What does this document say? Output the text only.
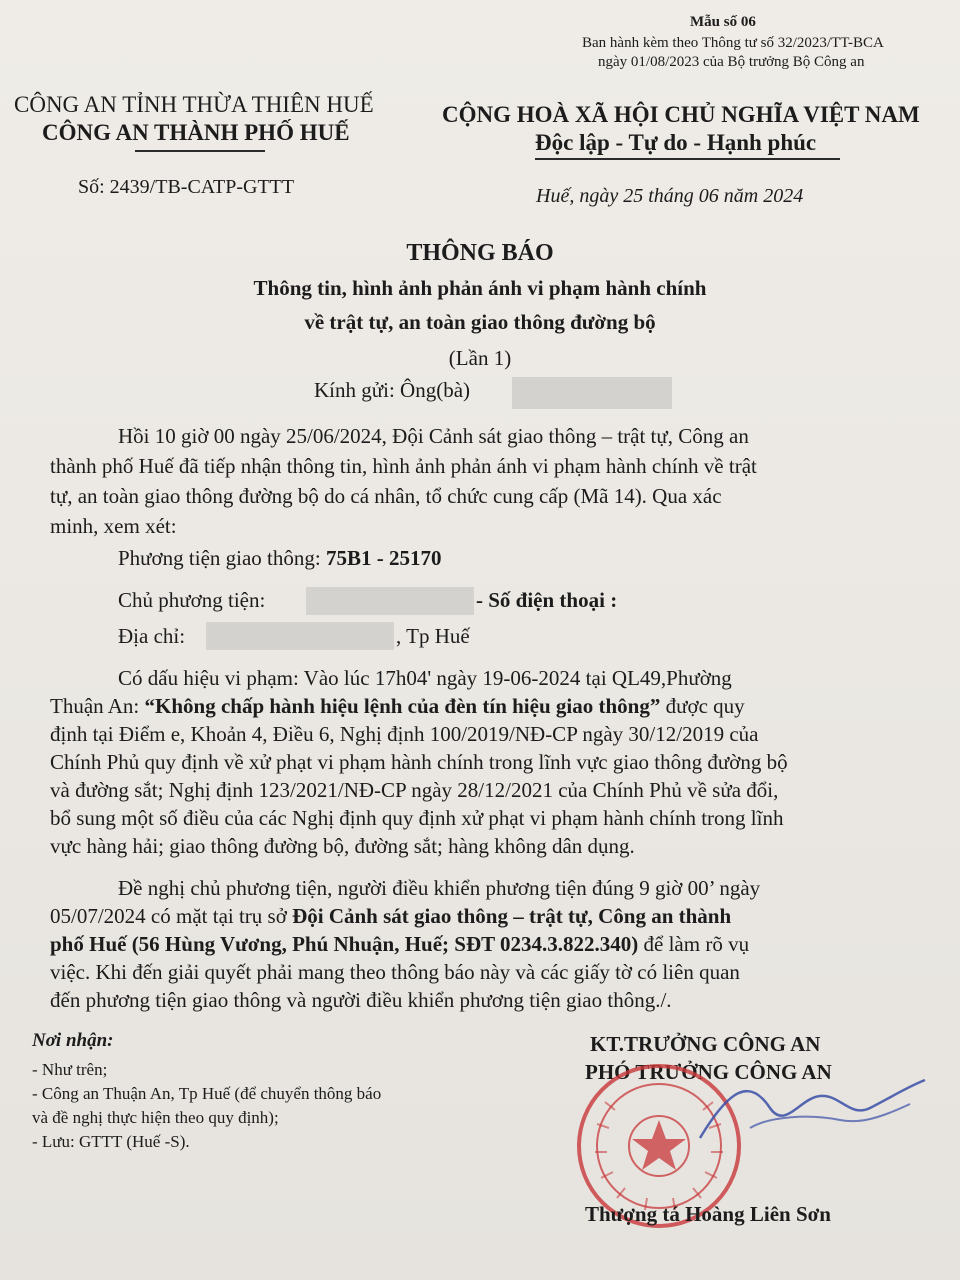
Mẫu số 06
Ban hành kèm theo Thông tư số 32/2023/TT-BCA
ngày 01/08/2023 của Bộ trưởng Bộ Công an
CÔNG AN TỈNH THỪA THIÊN HUẾ
CÔNG AN THÀNH PHỐ HUẾ
CỘNG HOÀ XÃ HỘI CHỦ NGHĨA VIỆT NAM
Độc lập - Tự do - Hạnh phúc
Số: 2439/TB-CATP-GTTT	Huế, ngày 25 tháng 06 năm 2024
THÔNG BÁO
Thông tin, hình ảnh phản ánh vi phạm hành chính
về trật tự, an toàn giao thông đường bộ
(Lần 1)
Kính gửi: Ông(bà)
Hồi 10 giờ 00 ngày 25/06/2024, Đội Cảnh sát giao thông – trật tự, Công an
thành phố Huế đã tiếp nhận thông tin, hình ảnh phản ánh vi phạm hành chính về trật
tự, an toàn giao thông đường bộ do cá nhân, tổ chức cung cấp (Mã 14). Qua xác
minh, xem xét:
Phương tiện giao thông: 75B1 - 25170
Chủ phương tiện:	- Số điện thoại :
Địa chỉ:	, Tp Huế
Có dấu hiệu vi phạm: Vào lúc 17h04' ngày 19-06-2024 tại QL49,Phường
Thuận An: “Không chấp hành hiệu lệnh của đèn tín hiệu giao thông” được quy
định tại Điểm e, Khoản 4, Điều 6, Nghị định 100/2019/NĐ-CP ngày 30/12/2019 của
Chính Phủ quy định về xử phạt vi phạm hành chính trong lĩnh vực giao thông đường bộ
và đường sắt; Nghị định 123/2021/NĐ-CP ngày 28/12/2021 của Chính Phủ về sửa đổi,
bổ sung một số điều của các Nghị định quy định xử phạt vi phạm hành chính trong lĩnh
vực hàng hải; giao thông đường bộ, đường sắt; hàng không dân dụng.
Đề nghị chủ phương tiện, người điều khiển phương tiện đúng 9 giờ 00’ ngày
05/07/2024 có mặt tại trụ sở Đội Cảnh sát giao thông – trật tự, Công an thành
phố Huế (56 Hùng Vương, Phú Nhuận, Huế; SĐT 0234.3.822.340) để làm rõ vụ
việc. Khi đến giải quyết phải mang theo thông báo này và các giấy tờ có liên quan
đến phương tiện giao thông và người điều khiển phương tiện giao thông./.
Nơi nhận:
- Như trên;
- Công an Thuận An, Tp Huế (để chuyển thông báo
và đề nghị thực hiện theo quy định);
- Lưu: GTTT (Huế -S).
KT.TRƯỞNG CÔNG AN
PHÓ TRƯỞNG CÔNG AN
Thượng tá Hoàng Liên Sơn
